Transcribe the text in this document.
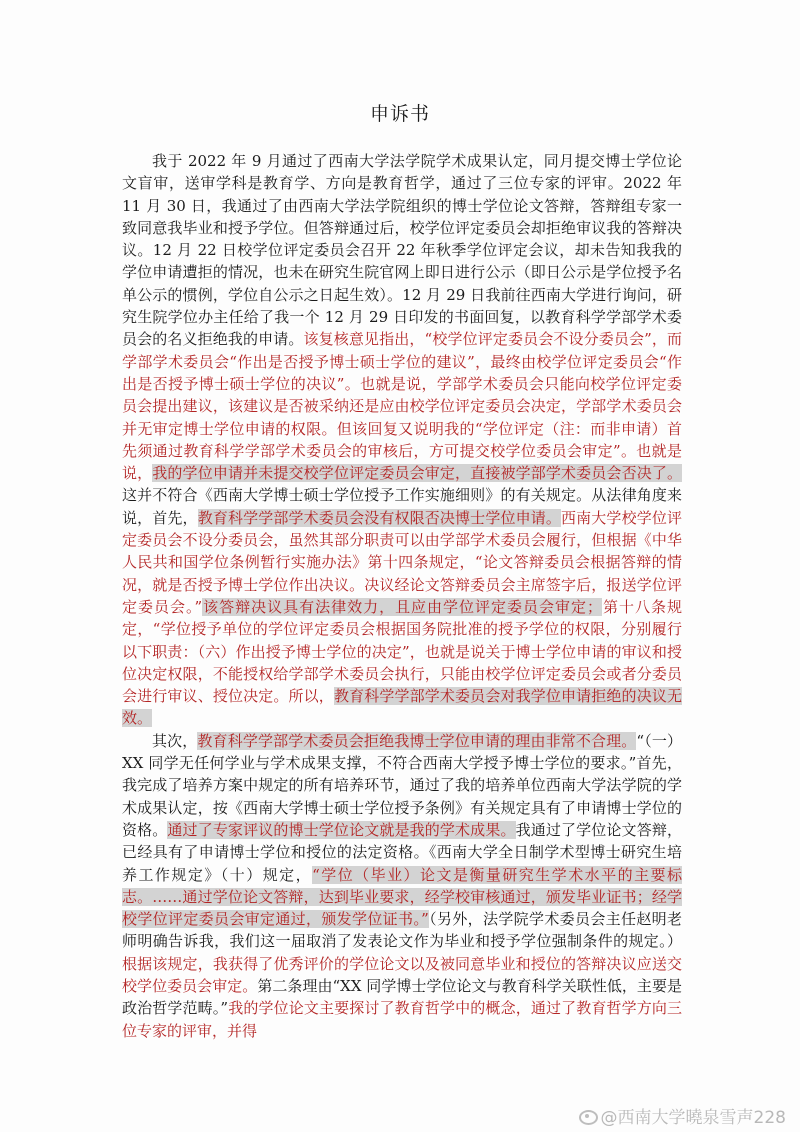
申诉书

我于 2022 年 9 月通过了西南大学法学院学术成果认定，同月提交博士学位论文盲审，送审学科是教育学、方向是教育哲学，通过了三位专家的评审。2022 年 11 月 30 日，我通过了由西南大学法学院组织的博士学位论文答辩，答辩组专家一致同意我毕业和授予学位。但答辩通过后，校学位评定委员会却拒绝审议我的答辩决议。12 月 22 日校学位评定委员会召开 22 年秋季学位评定会议，却未告知我我的学位申请遭拒的情况，也未在研究生院官网上即日进行公示（即日公示是学位授予名单公示的惯例，学位自公示之日起生效）。12 月 29 日我前往西南大学进行询问，研究生院学位办主任给了我一个 12 月 29 日印发的书面回复，以教育科学学部学术委员会的名义拒绝我的申请。该复核意见指出，“校学位评定委员会不设分委员会”，而学部学术委员会“作出是否授予博士硕士学位的建议”，最终由校学位评定委员会“作出是否授予博士硕士学位的决议”。也就是说，学部学术委员会只能向校学位评定委员会提出建议，该建议是否被采纳还是应由校学位评定委员会决定，学部学术委员会并无审定博士学位申请的权限。但该回复又说明我的“学位评定（注：而非申请）首先须通过教育科学学部学术委员会的审核后，方可提交校学位委员会审定”。也就是说，我的学位申请并未提交校学位评定委员会审定，直接被学部学术委员会否决了。这并不符合《西南大学博士硕士学位授予工作实施细则》的有关规定。从法律角度来说，首先，教育科学学部学术委员会没有权限否决博士学位申请。西南大学校学位评定委员会不设分委员会，虽然其部分职责可以由学部学术委员会履行，但根据《中华人民共和国学位条例暂行实施办法》第十四条规定，“论文答辩委员会根据答辩的情况，就是否授予博士学位作出决议。决议经论文答辩委员会主席签字后，报送学位评定委员会。”该答辩决议具有法律效力，且应由学位评定委员会审定；第十八条规定，“学位授予单位的学位评定委员会根据国务院批准的授予学位的权限，分别履行以下职责：（六）作出授予博士学位的决定”，也就是说关于博士学位申请的审议和授位决定权限，不能授权给学部学术委员会执行，只能由校学位评定委员会或者分委员会进行审议、授位决定。所以，教育科学学部学术委员会对我学位申请拒绝的决议无效。

其次，教育科学学部学术委员会拒绝我博士学位申请的理由非常不合理。“（一）XX 同学无任何学业与学术成果支撑，不符合西南大学授予博士学位的要求。”首先，我完成了培养方案中规定的所有培养环节，通过了我的培养单位西南大学法学院的学术成果认定，按《西南大学博士硕士学位授予条例》有关规定具有了申请博士学位的资格。通过了专家评议的博士学位论文就是我的学术成果。我通过了学位论文答辩，已经具有了申请博士学位和授位的法定资格。《西南大学全日制学术型博士研究生培养工作规定》（十）规定，“学位（毕业）论文是衡量研究生学术水平的主要标志。……通过学位论文答辩，达到毕业要求，经学校审核通过，颁发毕业证书；经学校学位评定委员会审定通过，颁发学位证书。”（另外，法学院学术委员会主任赵明老师明确告诉我，我们这一届取消了发表论文作为毕业和授予学位强制条件的规定。）根据该规定，我获得了优秀评价的学位论文以及被同意毕业和授位的答辩决议应送交校学位委员会审定。第二条理由“XX 同学博士学位论文与教育科学关联性低，主要是政治哲学范畴。”我的学位论文主要探讨了教育哲学中的概念，通过了教育哲学方向三位专家的评审，并得

@西南大学曉泉雪声228
